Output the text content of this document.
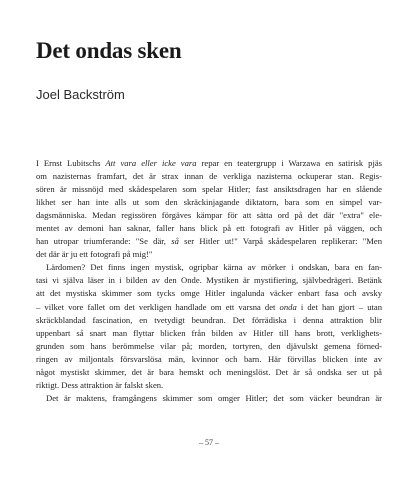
Det ondas sken
Joel Backström
I Ernst Lubitschs Att vara eller icke vara repar en teatergrupp i Warzawa en satirisk pjäs
om nazisternas framfart, det är strax innan de verkliga nazisterna ockuperar stan. Regis-
sören är missnöjd med skådespelaren som spelar Hitler; fast ansiktsdragen har en slående
likhet ser han inte alls ut som den skräckinjagande diktatorn, bara som en simpel var-
dagsmänniska. Medan regissören förgäves kämpar för att sätta ord på det där "extra" ele-
mentet av demoni han saknar, faller hans blick på ett fotografi av Hitler på väggen, och
han utropar triumferande: "Se där, så ser Hitler ut!" Varpå skådespelaren replikerar: "Men
det där är ju ett fotografi på mig!"
Lärdomen? Det finns ingen mystisk, ogripbar kärna av mörker i ondskan, bara en fan-
tasi vi själva läser in i bilden av den Onde. Mystiken är mystifiering, självbedrägeri. Betänk
att det mystiska skimmer som tycks omge Hitler ingalunda väcker enbart fasa och avsky
– vilket vore fallet om det verkligen handlade om ett varsna det onda i det han gjort – utan
skräckblandad fascination, en tvetydigt beundran. Det förrädiska i denna attraktion blir
uppenbart så snart man flyttar blicken från bilden av Hitler till hans brott, verklighets-
grunden som hans berömmelse vilar på; morden, tortyren, den djävulskt gemena förned-
ringen av miljontals försvarslösa män, kvinnor och barn. Här förvillas blicken inte av
något mystiskt skimmer, det är bara hemskt och meningslöst. Det är så ondska ser ut på
riktigt. Dess attraktion är falskt sken.
Det är maktens, framgångens skimmer som omger Hitler; det som väcker beundran är
– 57 –
